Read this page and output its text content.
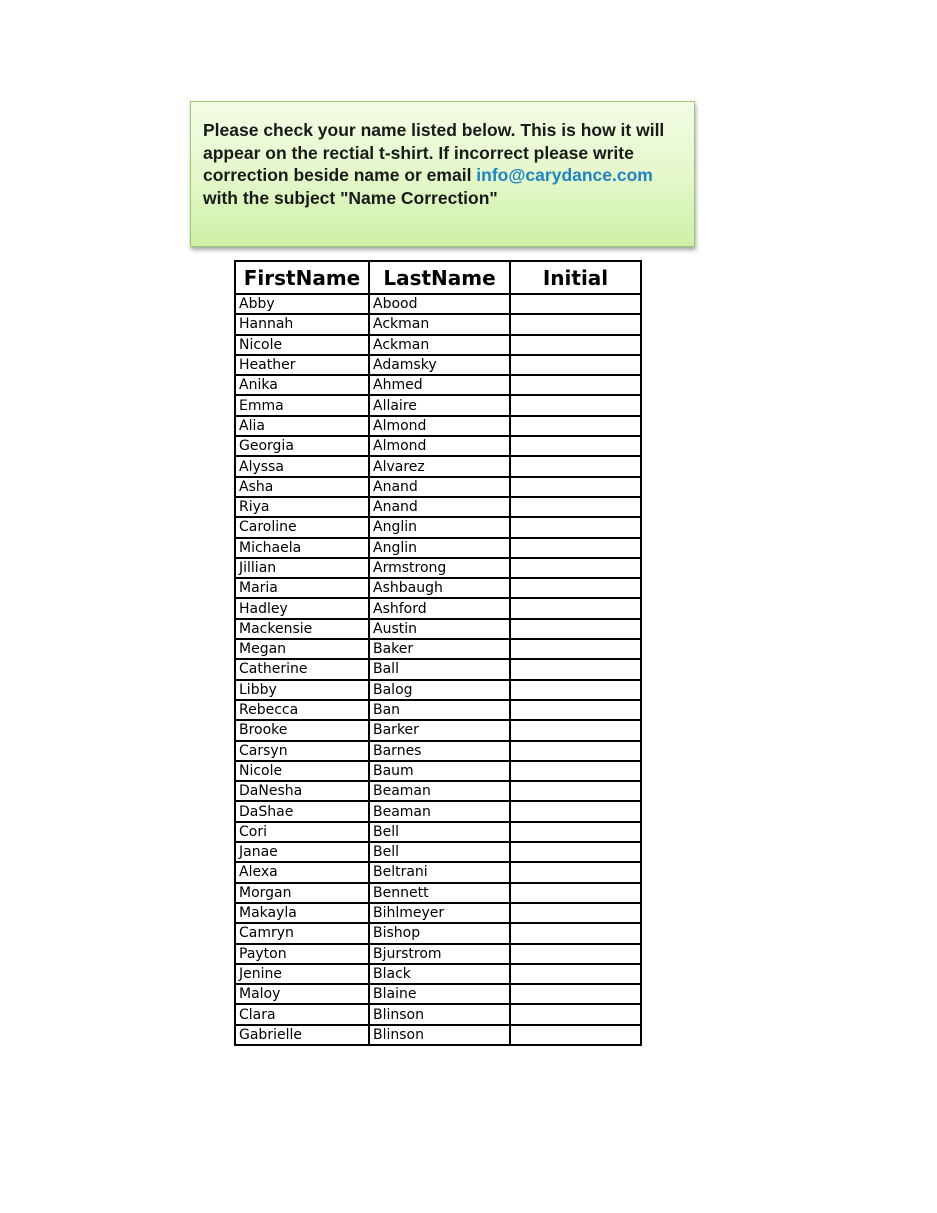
Please check your name listed below. This is how it will appear on the rectial t-shirt. If incorrect please write correction beside name or email info@carydance.com with the subject "Name Correction"
FirstName	LastName	Initial
Abby	Abood	
Hannah	Ackman	
Nicole	Ackman	
Heather	Adamsky	
Anika	Ahmed	
Emma	Allaire	
Alia	Almond	
Georgia	Almond	
Alyssa	Alvarez	
Asha	Anand	
Riya	Anand	
Caroline	Anglin	
Michaela	Anglin	
Jillian	Armstrong	
Maria	Ashbaugh	
Hadley	Ashford	
Mackensie	Austin	
Megan	Baker	
Catherine	Ball	
Libby	Balog	
Rebecca	Ban	
Brooke	Barker	
Carsyn	Barnes	
Nicole	Baum	
DaNesha	Beaman	
DaShae	Beaman	
Cori	Bell	
Janae	Bell	
Alexa	Beltrani	
Morgan	Bennett	
Makayla	Bihlmeyer	
Camryn	Bishop	
Payton	Bjurstrom	
Jenine	Black	
Maloy	Blaine	
Clara	Blinson	
Gabrielle	Blinson	
